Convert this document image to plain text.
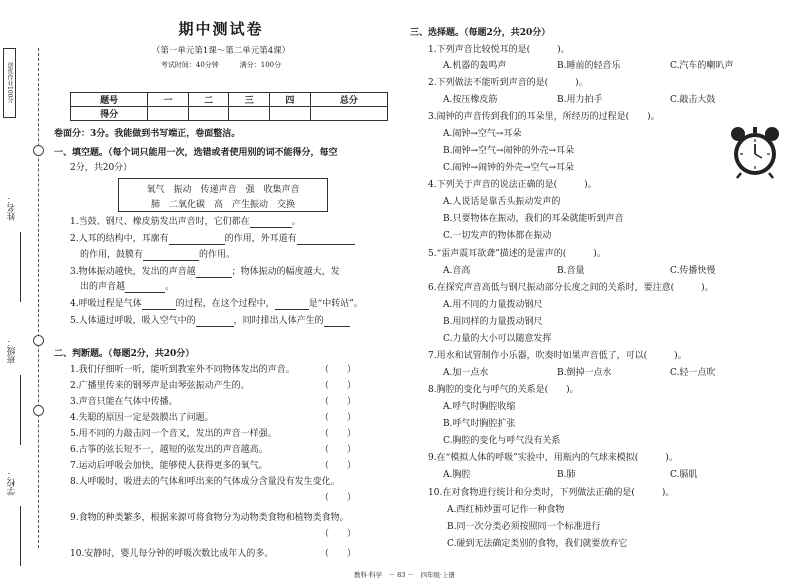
创优作业100分
姓名：
班级：
学校：
期中测试卷
（第一单元第1课～第二单元第4课）
考试时间：40分钟　　　满分：100分
题号	一	二	三	四	总分
得分					
卷面分：3分。我能做到书写端正，卷面整洁。
一、填空题。（每个词只能用一次，选错或者使用别的词不能得分，每空
2分，共20分）
氧气　振动　传递声音　强　收集声音
肺　二氧化碳　高　产生振动　交换
1.当鼓、钢尺、橡皮筋发出声音时，它们都在	。
2.人耳的结构中，耳廓有	的作用，外耳道有
的作用，鼓膜有	的作用。
3.物体振动越快，发出的声音越	；物体振动的幅度越大，发
出的声音越	。
4.呼吸过程是气体	的过程，在这个过程中，	是“中转站”。
5.人体通过呼吸，吸入空气中的	，同时排出人体产生的
二、判断题。（每题2分，共20分）
1.我们仔细听一听，能听到教室外不同物体发出的声音。	（　　）
2.广播里传来的钢琴声是由琴弦振动产生的。	（　　）
3.声音只能在气体中传播。	（　　）
4.失聪的原因一定是鼓膜出了问题。	（　　）
5.用不同的力敲击同一个音叉，发出的声音一样强。	（　　）
6.古筝的弦长短不一，越短的弦发出的声音越高。	（　　）
7.运动后呼吸会加快，能够使人获得更多的氧气。	（　　）
8.人呼吸时，吸进去的气体和呼出来的气体成分含量没有发生变化。
（　　）
9.食物的种类繁多，根据来源可将食物分为动物类食物和植物类食物。
（　　）
10.安静时，婴儿每分钟的呼吸次数比成年人的多。	（　　）
三、选择题。（每题2分，共20分）
1.下列声音比较悦耳的是(　　　)。
A.机器的轰鸣声	B.睡前的轻音乐	C.汽车的喇叭声
2.下列做法不能听到声音的是(　　　)。
A.按压橡皮筋	B.用力拍手	C.敲击大鼓
3.闹钟的声音传到我们的耳朵里，所经历的过程是(　　)。
A.闹钟→空气→耳朵
B.闹钟→空气→闹钟的外壳→耳朵
C.闹钟→闹钟的外壳→空气→耳朵
4.下列关于声音的说法正确的是(　　　)。
A.人说话是靠舌头振动发声的
B.只要物体在振动，我们的耳朵就能听到声音
C.一切发声的物体都在振动
5.“雷声震耳欲聋”描述的是雷声的(　　　)。
A.音高	B.音量	C.传播快慢
6.在探究声音高低与钢尺振动部分长度之间的关系时，要注意(　　　)。
A.用不同的力量拨动钢尺
B.用同样的力量拨动钢尺
C.力量的大小可以随意发挥
7.用水和试管制作小乐器，吹奏时如果声音低了，可以(　　　)。
A.加一点水	B.倒掉一点水	C.轻一点吹
8.胸腔的变化与呼气的关系是(　　)。
A.呼气时胸腔收缩
B.呼气时胸腔扩张
C.胸腔的变化与呼气没有关系
9.在“模拟人体的呼吸”实验中，用瓶内的气球来模拟(　　　)。
A.胸腔	B.肺	C.膈肌
10.在对食物进行统计和分类时，下列做法正确的是(　　　)。
A.西红柿炒蛋可记作一种食物
B.同一次分类必须按照同一个标准进行
C.碰到无法确定类别的食物，我们就要放弃它
教科·科学　－ 83 －　四年级·上册
